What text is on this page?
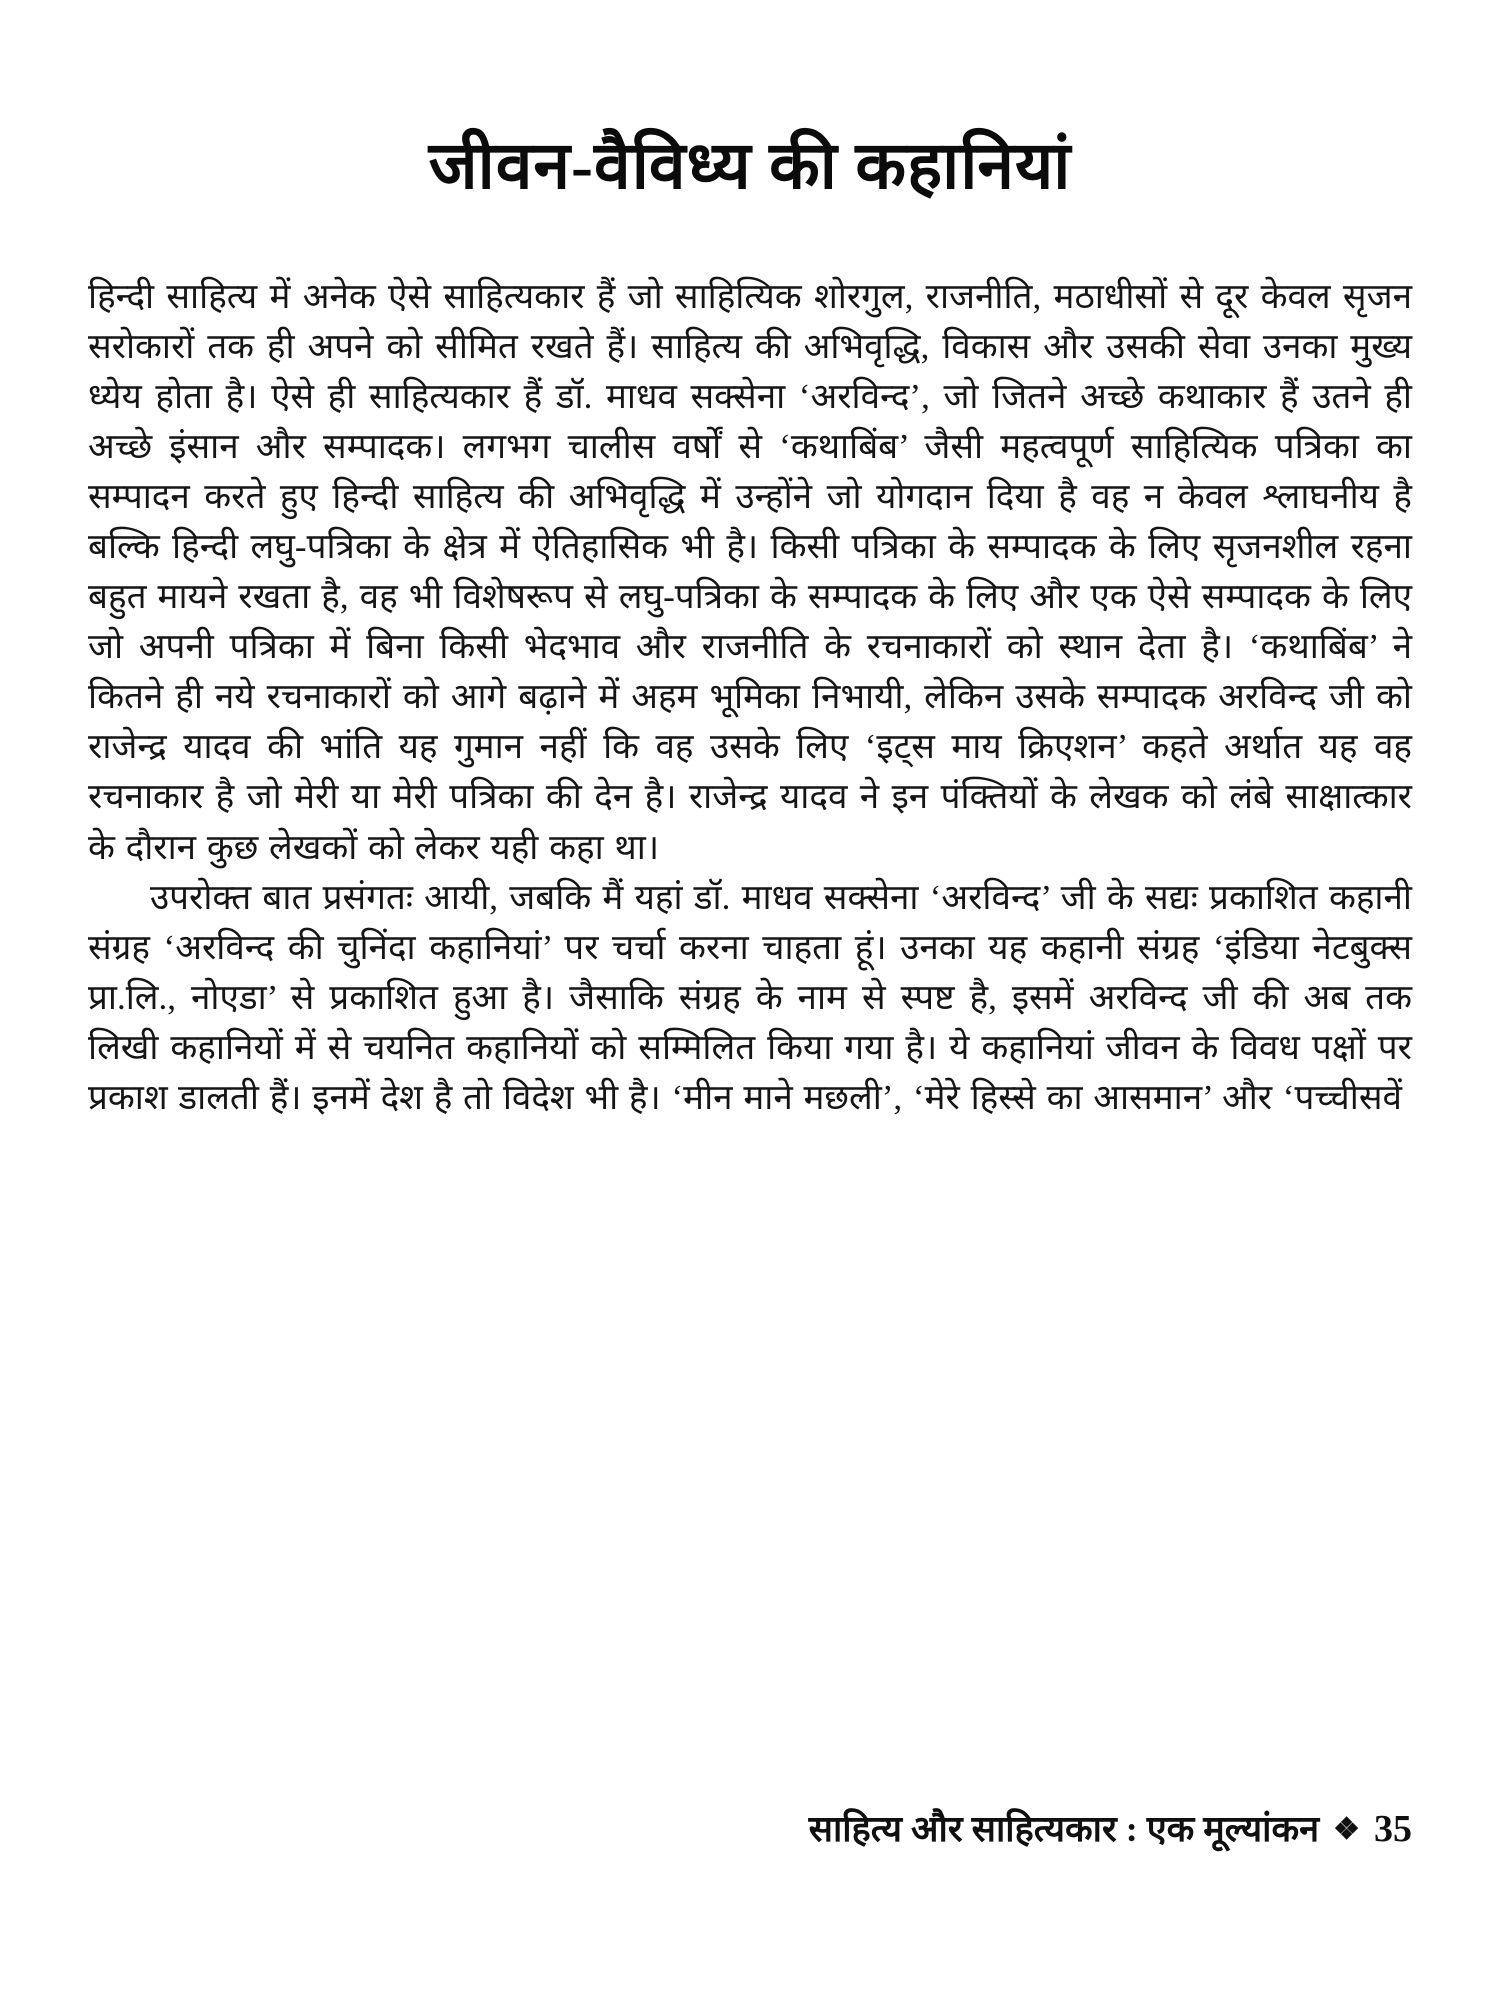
जीवन-वैविध्य की कहानियां

हिन्दी साहित्य में अनेक ऐसे साहित्यकार हैं जो साहित्यिक शोरगुल, राजनीति, मठाधीसों से दूर केवल सृजन सरोकारों तक ही अपने को सीमित रखते हैं। साहित्य की अभिवृद्धि, विकास और उसकी सेवा उनका मुख्य ध्येय होता है। ऐसे ही साहित्यकार हैं डॉ. माधव सक्सेना ‘अरविन्द’, जो जितने अच्छे कथाकार हैं उतने ही अच्छे इंसान और सम्पादक। लगभग चालीस वर्षों से ‘कथाबिंब’ जैसी महत्वपूर्ण साहित्यिक पत्रिका का सम्पादन करते हुए हिन्दी साहित्य की अभिवृद्धि में उन्होंने जो योगदान दिया है वह न केवल श्लाघनीय है बल्कि हिन्दी लघु-पत्रिका के क्षेत्र में ऐतिहासिक भी है। किसी पत्रिका के सम्पादक के लिए सृजनशील रहना बहुत मायने रखता है, वह भी विशेषरूप से लघु-पत्रिका के सम्पादक के लिए और एक ऐसे सम्पादक के लिए जो अपनी पत्रिका में बिना किसी भेदभाव और राजनीति के रचनाकारों को स्थान देता है। ‘कथाबिंब’ ने कितने ही नये रचनाकारों को आगे बढ़ाने में अहम भूमिका निभायी, लेकिन उसके सम्पादक अरविन्द जी को राजेन्द्र यादव की भांति यह गुमान नहीं कि वह उसके लिए ‘इट्स माय क्रिएशन’ कहते अर्थात यह वह रचनाकार है जो मेरी या मेरी पत्रिका की देन है। राजेन्द्र यादव ने इन पंक्तियों के लेखक को लंबे साक्षात्कार के दौरान कुछ लेखकों को लेकर यही कहा था।

उपरोक्त बात प्रसंगतः आयी, जबकि मैं यहां डॉ. माधव सक्सेना ‘अरविन्द’ जी के सद्यः प्रकाशित कहानी संग्रह ‘अरविन्द की चुनिंदा कहानियां’ पर चर्चा करना चाहता हूं। उनका यह कहानी संग्रह ‘इंडिया नेटबुक्स प्रा.लि., नोएडा’ से प्रकाशित हुआ है। जैसाकि संग्रह के नाम से स्पष्ट है, इसमें अरविन्द जी की अब तक लिखी कहानियों में से चयनित कहानियों को सम्मिलित किया गया है। ये कहानियां जीवन के विवध पक्षों पर प्रकाश डालती हैं। इनमें देश है तो विदेश भी है। ‘मीन माने मछली’, ‘मेरे हिस्से का आसमान’ और ‘पच्चीसवें

साहित्य और साहित्यकार : एक मूल्यांकन ❖ 35
